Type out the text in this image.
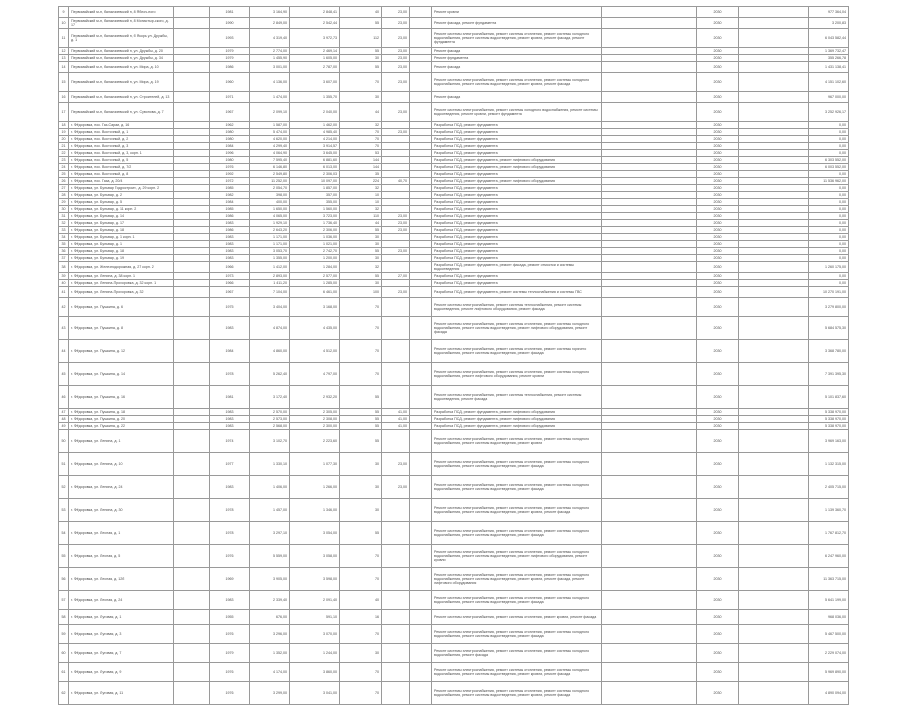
9	Первомайский м-н, балакчиевский п, 8 Яблоч-ного		1981	3 164,90	2 848,41	40	23,00		Ремонт кровли		2030		977 364,04
10	Первомайский м-н, балакчиевский п, 8 Монастыр-ского, д. 17		1990	2 849,00	2 542,44	55	23,00		Ремонт фасада, ремонт фундамента		2030		3 200,83
11	Первомайский м-н, балакчиевский п, б Якорь ул. Дружбы, д. 1		1993	4 319,40	3 972,73	112	23,00		Ремонт системы электроснабжения, ремонт системы отопления, ремонт системы холодного водоснабжения, ремонт системы водоотведения, ремонт кровли, ремонт фасада, ремонт фундамента		2030		6 043 582,44
12	Первомайский м-н, балакчиевский п, ул. Дружбы, д. 20		1979	2 774,00	2 469,14	55	23,00		Ремонт фасада		2030		1 369 732,47
13	Первомайский м-н, балакчиевский п, ул. Дружбы, д. 34		1979	1 455,90	1 605,00	30	23,00		Ремонт фундамента		2030		355 266,78
14	Первомайский м-н, балакчиевский п, ул. Мира, д. 10		1986	3 001,00	2 787,00	55	23,00		Ремонт фасада		2030		1 431 138,41
15	Первомайский м-н, балакчиевский п, ул. Мира, д. 19		1960	4 136,00	3 607,00	70	23,00		Ремонт системы электроснабжения, ремонт системы отопления, ремонт системы холодного водоснабжения, ремонт системы водоотведения, ремонт кровли, ремонт фасада		2030		4 151 102,60
16	Первомайский м-н, балакчиевский п, ул. Строителей, д. 13		1971	1 474,00	1 355,70	30			Ремонт фасада		2030		967 000,00
17	Первомайский м-н, балакчиевский п, ул. Сувонова, д. 7		1967	2 099,10	2 040,00	44	23,00		Ремонт системы электроснабжения, ремонт системы холодного водоснабжения, ремонт системы водоотведения, ремонт кровли, ремонт фундамента		2030		3 252 926,17
18	г. Фёдоровка, пос. Газ-Сараи, д. 16		1962	1 587,00	1 462,00	32			Разработка ПСД, ремонт фундамента		2030		0,00
19	г. Фёдоровка, пос. Восточный, д. 1		1980	5 474,00	4 985,40	70	23,00		Разработка ПСД, ремонт фундамента		2030		0,00
20	г. Фёдоровка, пос. Восточный, д. 2		1980	4 620,00	4 214,00	70			Разработка ПСД, ремонт фундамента		2030		0,00
21	г. Фёдоровка, пос. Восточный, д. 3		1984	4 299,40	3 914,57	70			Разработка ПСД, ремонт фундамента		2030		0,00
22	г. Фёдоровка, пос. Восточный, д. 3, корп. 1		1996	4 064,90	3 645,00	53			Разработка ПСД, ремонт фундамента		2030		0,00
23	г. Фёдоровка, пос. Восточный, д. 5		1980	7 595,40	6 881,60	144			Разработка ПСД, ремонт фундамента, ремонт лифтового оборудования		2030		6 303 552,00
24	г. Фёдоровка, пос. Восточный, д. 7/2		1976	6 146,80	6 013,00	144			Разработка ПСД, ремонт фундамента, ремонт лифтового оборудования		2030		6 003 552,00
25	г. Фёдоровка, пос. Восточный, д. 8		1992	2 549,80	2 306,03	35			Разработка ПСД, ремонт фундамента		2030		0,00
26	г. Фёдоровка, пос. Газа, д. 20/4		1972	11 252,00	10 097,00	224	40,70		Разработка ПСД, ремонт фундамента, ремонт лифтового оборудования		2030		11 536 962,00
27	г. Фёдоровка, ул. Бульвар Гидростроит., д. 29 корп. 2		1985	2 054,70	1 857,00	32			Разработка ПСД, ремонт фундамента		2030		0,00
28	г. Фёдоровка, ул. Бульвар, д. 2		1982	398,00	357,00	10			Разработка ПСД, ремонт фундамента		2030		0,00
29	г. Фёдоровка, ул. Бульвар, д. 5		1984	400,00	355,00	10			Разработка ПСД, ремонт фундамента		2030		0,00
30	г. Фёдоровка, ул. Бульвар, д. 11 корп. 2		1985	1 650,00	1 560,00	32			Разработка ПСД, ремонт фундамента		2030		0,00
31	г. Фёдоровка, ул. Бульвар, д. 14		1986	4 065,00	3 723,00	110	23,00		Разработка ПСД, ремонт фундамента		2030		0,00
32	г. Фёдоровка, ул. Бульвар, д. 17		1983	1 929,10	1 736,40	44	23,00		Разработка ПСД, ремонт фундамента		2030		0,00
33	г. Фёдоровка, ул. Бульвар, д. 18		1986	2 643,20	2 306,00	55	23,00		Разработка ПСД, ремонт фундамента		2030		0,00
34	г. Фёдоровка, ул. Бульвар, д. 1 корп. 1		1983	1 171,00	1 036,00	30			Разработка ПСД, ремонт фундамента		2030		0,00
35	г. Фёдоровка, ул. Бульвар, д. 1		1983	1 171,00	1 021,00	30			Разработка ПСД, ремонт фундамента		2030		0,00
36	г. Фёдоровка, ул. Бульвар, д. 18		1983	3 053,70	2 742,70	55	23,00		Разработка ПСД, ремонт фундамента		2030		0,00
37	г. Фёдоровка, ул. Бульвар, д. 19		1983	1 355,00	1 200,00	30			Разработка ПСД, ремонт фундамента		2030		0,00
38	г. Фёдоровка, ул. Железнодорожная, д. 27 корп. 2		1966	1 412,00	1 284,00	32			Разработка ПСД, ремонт фундамента, ремонт фасада, ремонт отмостки и системы водоотведения		2030		1 260 175,00
39	г. Фёдоровка, ул. Ленина, д. 38 корп. 1		1973	2 893,00	2 577,00	55	27,00		Разработка ПСД, ремонт фундамента		2030		0,00
40	г. Фёдоровка, ул. Ленина-Прохоровка, д. 32 корп. 1		1966	1 411,20	1 285,00	30			Разработка ПСД, ремонт фундамента		2030		0,00
41	г. Фёдоровка, ул. Ленина-Прохоровка, д. 32		1967	7 104,00	6 461,00	100	23,00		Разработка ПСД, ремонт фундамента, ремонт системы теплоснабжения и системы ГВС		2030		10 270 191,00
42	г. Фёдоровка, ул. Пушкина, д. 6		1975	3 404,00	3 168,00	70			Ремонт системы электроснабжения, ремонт системы теплоснабжения, ремонт системы водоотведения, ремонт лифтового оборудования, ремонт фасада		2030		3 279 800,00
43	г. Фёдоровка, ул. Пушкина, д. 8		1983	4 874,00	4 435,00	70			Ремонт системы электроснабжения, ремонт системы отопления, ремонт системы холодного водоснабжения, ремонт системы водоотведения, ремонт лифтового оборудования, ремонт фасада		2030		5 684 575,30
44	г. Фёдоровка, ул. Пушкина, д. 12		1984	4 860,00	4 512,00	70			Ремонт системы электроснабжения, ремонт системы отопления, ремонт системы горячего водоснабжения, ремонт системы водоотведения, ремонт фасада		2030		3 368 780,00
45	г. Фёдоровка, ул. Пушкина, д. 14		1978	5 262,40	4 797,00	70			Ремонт системы электроснабжения, ремонт системы отопления, ремонт системы холодного водоснабжения, ремонт лифтового оборудования, ремонт кровли		2030		7 391 395,30
46	г. Фёдоровка, ул. Пушкина, д. 16		1981	3 172,40	2 932,20	55			Ремонт системы электроснабжения, ремонт системы теплоснабжения, ремонт системы водоотведения, ремонт фасада		2030		5 101 837,60
47	г. Фёдоровка, ул. Пушкина, д. 18		1983	2 570,00	2 305,00	55	41,00		Разработка ПСД, ремонт фундамента, ремонт лифтового оборудования		2030		5 338 970,00
48	г. Фёдоровка, ул. Пушкина, д. 20		1983	2 573,00	2 308,00	55	41,00		Разработка ПСД, ремонт фундамента, ремонт лифтового оборудования		2030		5 338 970,00
49	г. Фёдоровка, ул. Пушкина, д. 22		1983	2 568,00	2 300,00	55	41,00		Разработка ПСД, ремонт фундамента, ремонт лифтового оборудования		2030		5 338 970,00
50	г. Фёдоровка, ул. Ленина, д. 1		1974	3 102,70	2 223,60	55			Ремонт системы электроснабжения, ремонт системы отопления, ремонт системы холодного водоснабжения, ремонт системы водоотведения, ремонт кровли		2030		3 969 163,00
51	г. Фёдоровка, ул. Ленина, д. 10		1977	1 330,10	1 077,30	30	23,00		Ремонт системы электроснабжения, ремонт системы отопления, ремонт системы холодного водоснабжения, ремонт системы водоотведения, ремонт фасада		2030		1 132 315,00
52	г. Фёдоровка, ул. Ленина, д. 24		1983	1 406,00	1 266,00	30	23,00		Ремонт системы электроснабжения, ремонт системы отопления, ремонт системы холодного водоснабжения, ремонт системы водоотведения, ремонт фасада		2030		2 405 715,00
53	г. Фёдоровка, ул. Ленина, д. 30		1978	1 457,00	1 346,00	30			Ремонт системы электроснабжения, ремонт системы отопления, ремонт системы холодного водоснабжения, ремонт системы водоотведения, ремонт кровли, ремонт фасада		2030		1 139 360,70
54	г. Фёдоровка, ул. Лесная, д. 1		1978	3 297,10	3 054,00	55			Ремонт системы электроснабжения, ремонт системы отопления, ремонт системы холодного водоснабжения, ремонт системы водоотведения, ремонт фасада		2030		1 767 812,70
55	г. Фёдоровка, ул. Лесная, д. 5		1976	5 559,00	3 058,00	70			Ремонт системы электроснабжения, ремонт системы отопления, ремонт системы холодного водоснабжения, ремонт системы водоотведения, ремонт лифтового оборудования, ремонт кровли		2030		6 247 960,00
56	г. Фёдоровка, ул. Лесная, д. 12б		1969	3 905,00	3 598,00	70			Ремонт системы электроснабжения, ремонт системы отопления, ремонт системы холодного водоснабжения, ремонт системы водоотведения, ремонт кровли, ремонт фасада, ремонт лифтового оборудования		2030		11 363 715,00
57	г. Фёдоровка, ул. Лесная, д. 24		1983	2 339,40	2 091,40	40			Ремонт системы электроснабжения, ремонт системы отопления, ремонт системы холодного водоснабжения, ремонт системы водоотведения, ремонт фасада		2030		5 641 199,00
58	г. Фёдоровка, ул. Луговая, д. 1		1955	676,00	591,10	16			Ремонт системы электроснабжения, ремонт системы отопления, ремонт кровли, ремонт фасада		2030		968 036,00
59	г. Фёдоровка, ул. Луговая, д. 3		1976	3 296,00	3 070,00	70			Ремонт системы электроснабжения, ремонт системы отопления, ремонт системы холодного водоснабжения, ремонт системы водоотведения, ремонт фасада		2030		5 467 500,00
60	г. Фёдоровка, ул. Луговая, д. 7		1979	1 352,00	1 244,00	30			Ремонт системы электроснабжения, ремонт системы отопления, ремонт системы холодного водоснабжения, ремонт фасада		2030		2 229 074,00
61	г. Фёдоровка, ул. Луговая, д. 9		1976	4 174,00	3 860,00	70			Ремонт системы электроснабжения, ремонт системы отопления, ремонт системы холодного водоснабжения, ремонт системы водоотведения, ремонт кровли, ремонт фасада		2030		5 969 890,00
62	г. Фёдоровка, ул. Луговая, д. 11		1976	3 299,00	3 041,00	70			Ремонт системы электроснабжения, ремонт системы отопления, ремонт системы холодного водоснабжения, ремонт системы водоотведения, ремонт кровли, ремонт фасада		2030		4 890 094,00
